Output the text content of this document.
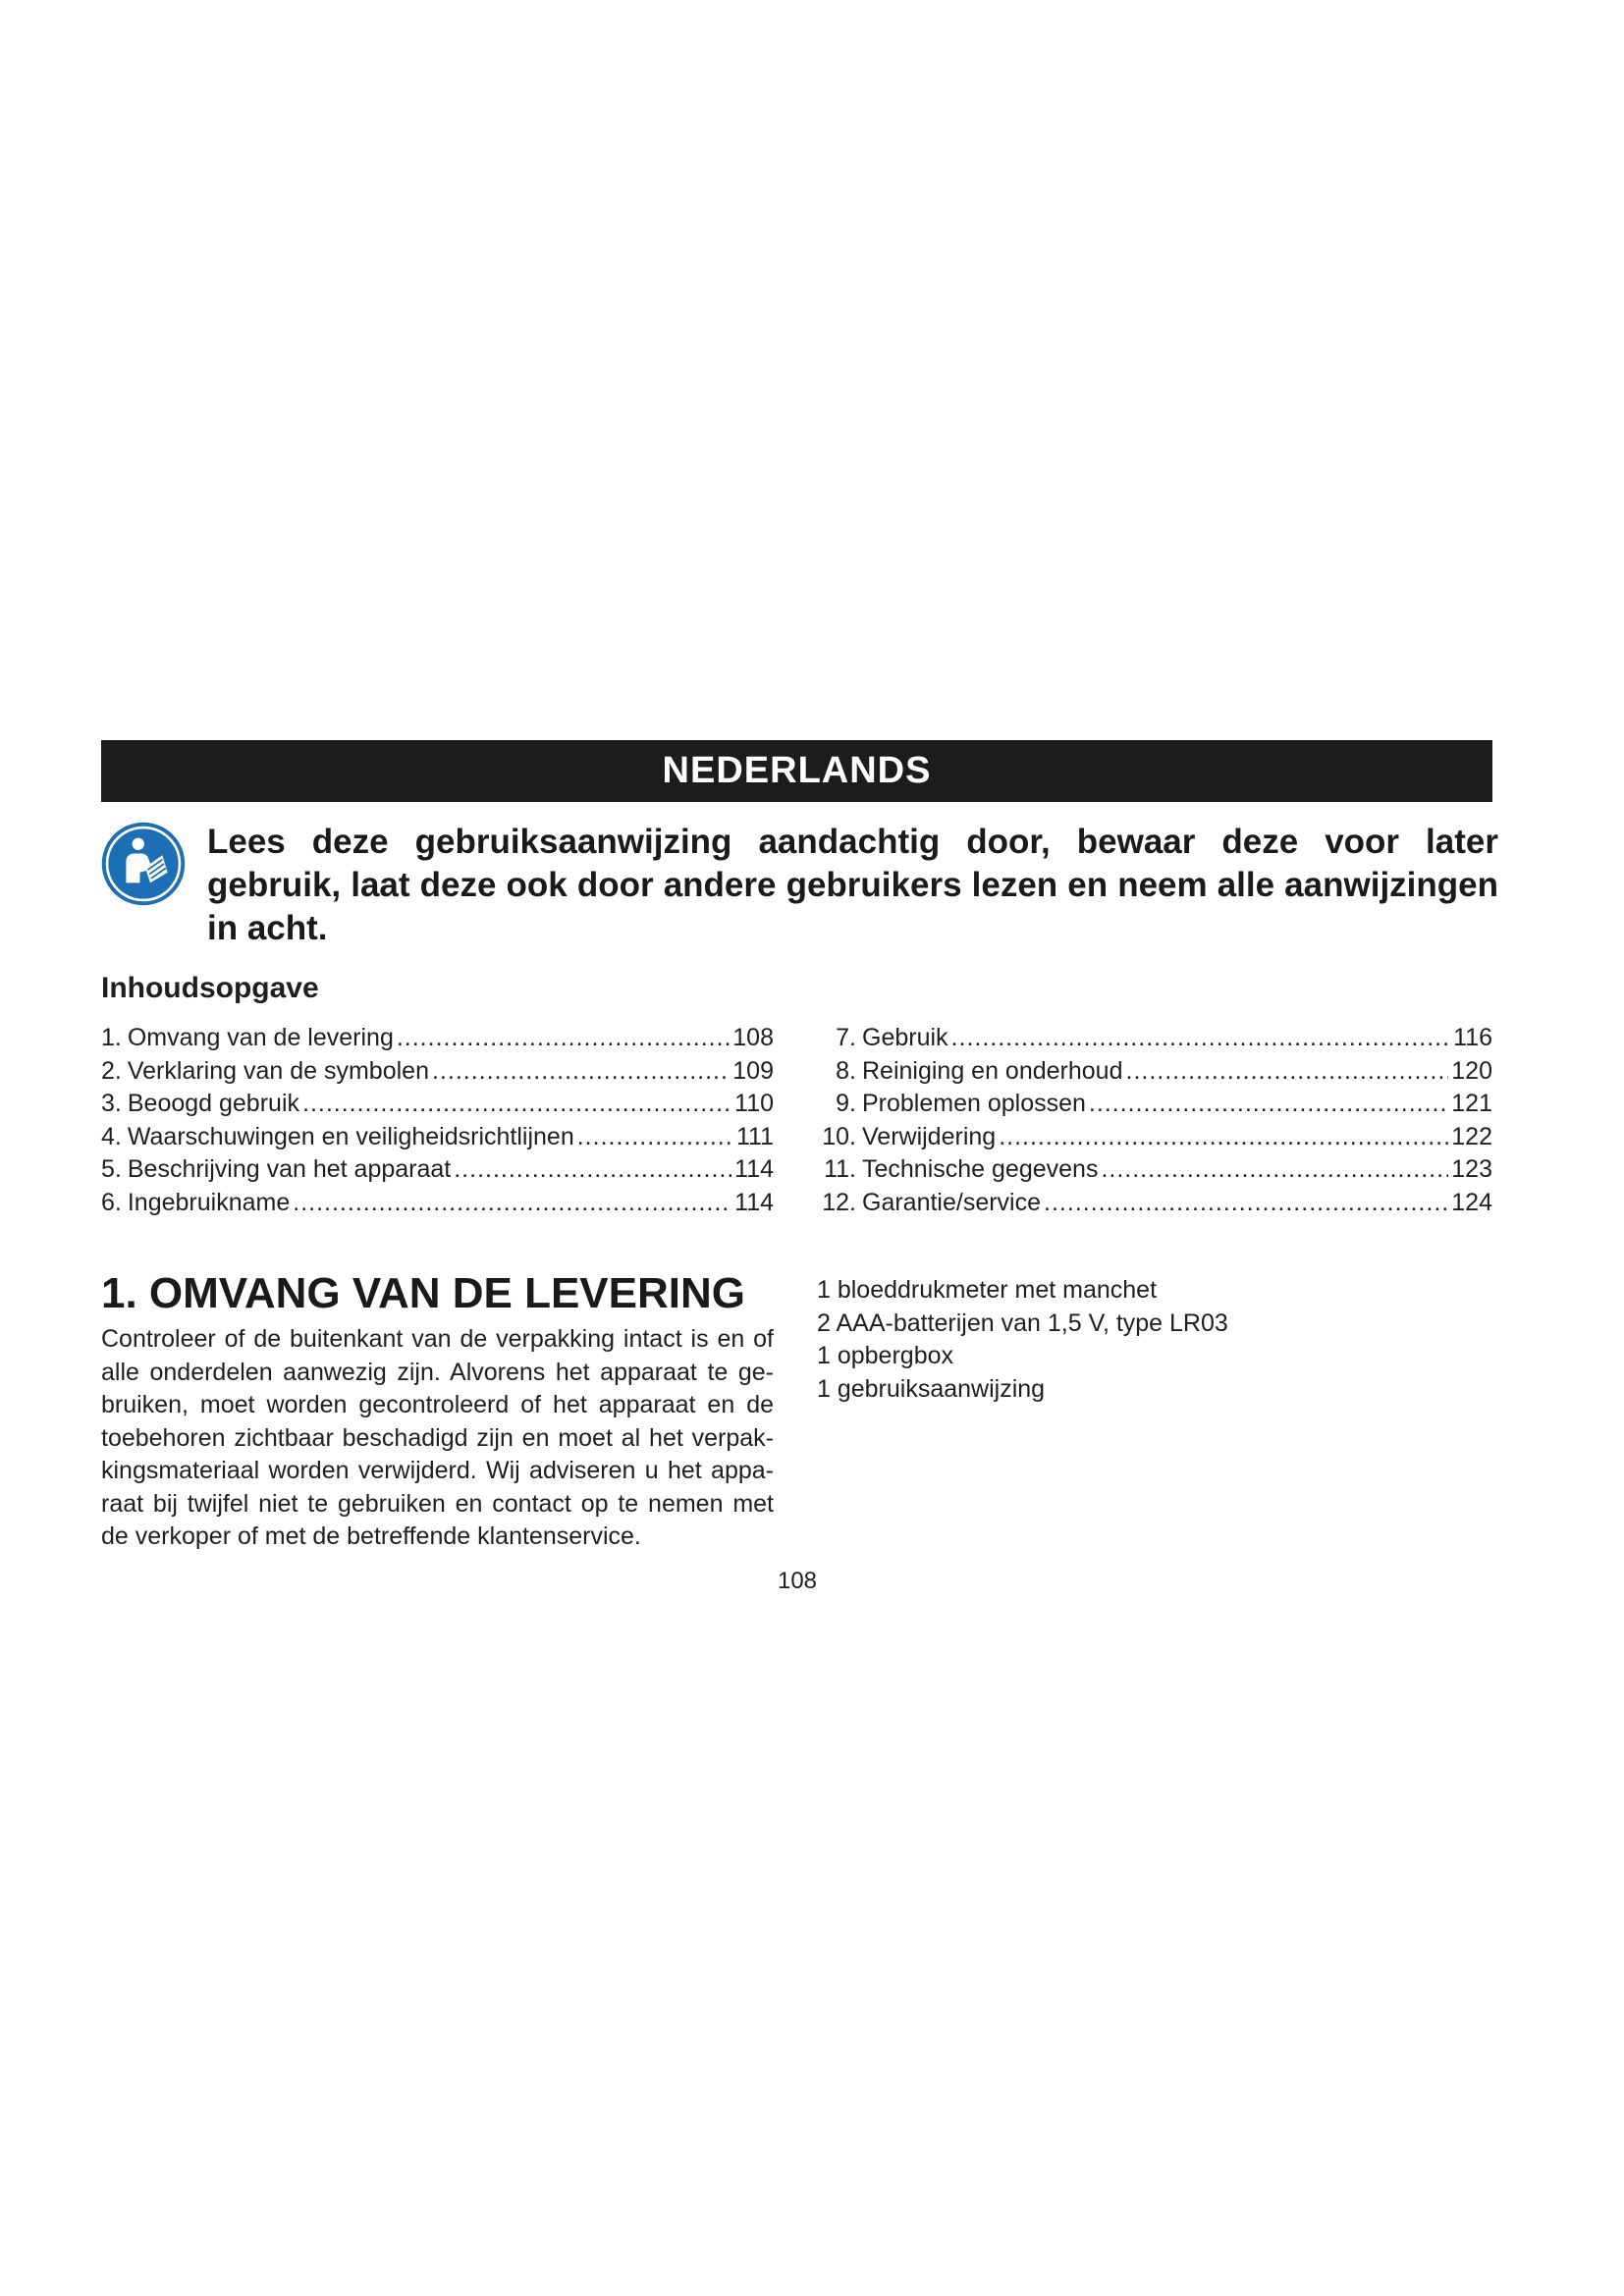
NEDERLANDS
Lees deze gebruiksaanwijzing aandachtig door, bewaar deze voor later gebruik, laat deze ook door andere gebruikers lezen en neem alle aanwijzingen in acht.
Inhoudsopgave
1. Omvang van de levering .....	108
2. Verklaring van de symbolen .....	109
3. Beoogd gebruik .....	110
4. Waarschuwingen en veiligheidsrichtlijnen .....	111
5. Beschrijving van het apparaat .....	114
6. Ingebruikname .....	114
7. Gebruik .....	116
8. Reiniging en onderhoud .....	120
9. Problemen oplossen .....	121
10. Verwijdering .....	122
11. Technische gegevens .....	123
12. Garantie/service .....	124
1. OMVANG VAN DE LEVERING
Controleer of de buitenkant van de verpakking intact is en of alle onderdelen aanwezig zijn. Alvorens het apparaat te gebruiken, moet worden gecontroleerd of het apparaat en de toebehoren zichtbaar beschadigd zijn en moet al het verpakkingsmateriaal worden verwijderd. Wij adviseren u het apparaat bij twijfel niet te gebruiken en contact op te nemen met de verkoper of met de betreffende klantenservice.
1 bloeddrukmeter met manchet
2 AAA-batterijen van 1,5 V, type LR03
1 opbergbox
1 gebruiksaanwijzing
108
